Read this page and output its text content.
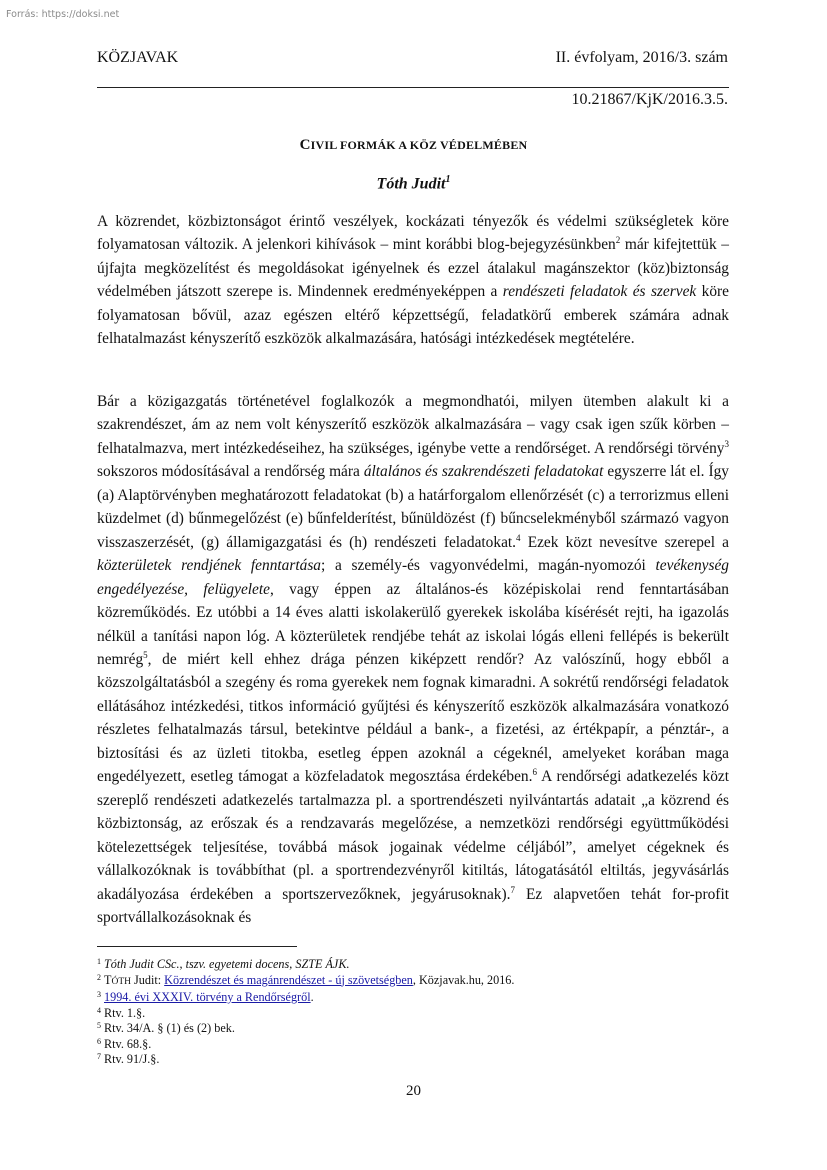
Forrás: https://doksi.net
KÖZJAVAK	II. évfolyam, 2016/3. szám
10.21867/KjK/2016.3.5.
CIVIL FORMÁK A KÖZ VÉDELMÉBEN
Tóth Judit$^1$
A közrendet, közbiztonságot érintő veszélyek, kockázati tényezők és védelmi szükségletek köre folyamatosan változik. A jelenkori kihívások – mint korábbi blog-bejegyzésünkben$^2$ már kifejtettük – újfajta megközelítést és megoldásokat igényelnek és ezzel átalakul magánszektor (köz)biztonság védelmében játszott szerepe is. Mindennek eredményeképpen a rendészeti feladatok és szervek köre folyamatosan bővül, azaz egészen eltérő képzettségű, feladatkörű emberek számára adnak felhatalmazást kényszerítő eszközök alkalmazására, hatósági intézkedések megtételére.
Bár a közigazgatás történetével foglalkozók a megmondhatói, milyen ütemben alakult ki a szakrendészet, ám az nem volt kényszerítő eszközök alkalmazására – vagy csak igen szűk körben – felhatalmazva, mert intézkedéseihez, ha szükséges, igénybe vette a rendőrséget. A rendőrségi törvény$^3$ sokszoros módosításával a rendőrség mára általános és szakrendészeti feladatokat egyszerre lát el. Így (a) Alaptörvényben meghatározott feladatokat (b) a határforgalom ellenőrzését (c) a terrorizmus elleni küzdelmet (d) bűnmegelőzést (e) bűnfelderítést, bűnüldözést (f) bűncselekményből származó vagyon visszaszerzését, (g) államigazgatási és (h) rendészeti feladatokat.$^4$ Ezek közt nevesítve szerepel a közterületek rendjének fenntartása; a személy-és vagyonvédelmi, magán-nyomozói tevékenység engedélyezése, felügyelete, vagy éppen az általános-és középiskolai rend fenntartásában közreműködés. Ez utóbbi a 14 éves alatti iskolakerülő gyerekek iskolába kísérését rejti, ha igazolás nélkül a tanítási napon lóg. A közterületek rendjébe tehát az iskolai lógás elleni fellépés is bekerült nemrég$^5$, de miért kell ehhez drága pénzen kiképzett rendőr? Az valószínű, hogy ebből a közszolgáltatásból a szegény és roma gyerekek nem fognak kimaradni. A sokrétű rendőrségi feladatok ellátásához intézkedési, titkos információ gyűjtési és kényszerítő eszközök alkalmazására vonatkozó részletes felhatalmazás társul, betekintve például a bank-, a fizetési, az értékpapír, a pénztár-, a biztosítási és az üzleti titokba, esetleg éppen azoknál a cégeknél, amelyeket korában maga engedélyezett, esetleg támogat a közfeladatok megosztása érdekében.$^6$ A rendőrségi adatkezelés közt szereplő rendészeti adatkezelés tartalmazza pl. a sportrendészeti nyilvántartás adatait „a közrend és közbiztonság, az erőszak és a rendzavarás megelőzése, a nemzetközi rendőrségi együttműködési kötelezettségek teljesítése, továbbá mások jogainak védelme céljából”, amelyet cégeknek és vállalkozóknak is továbbíthat (pl. a sportrendezvényről kitiltás, látogatásától eltiltás, jegyvásárlás akadályozása érdekében a sportszervezőknek, jegyárusoknak).$^7$ Ez alapvetően tehát for-profit sportvállalkozásoknak és
$^1$ Tóth Judit CSc., tszv. egyetemi docens, SZTE ÁJK.
$^2$ TÓTH Judit: Közrendészet és magánrendészet - új szövetségben, Közjavak.hu, 2016.
$^3$ 1994. évi XXXIV. törvény a Rendőrségről.
$^4$ Rtv. 1.§.
$^5$ Rtv. 34/A. § (1) és (2) bek.
$^6$ Rtv. 68.§.
$^7$ Rtv. 91/J.§.
20
